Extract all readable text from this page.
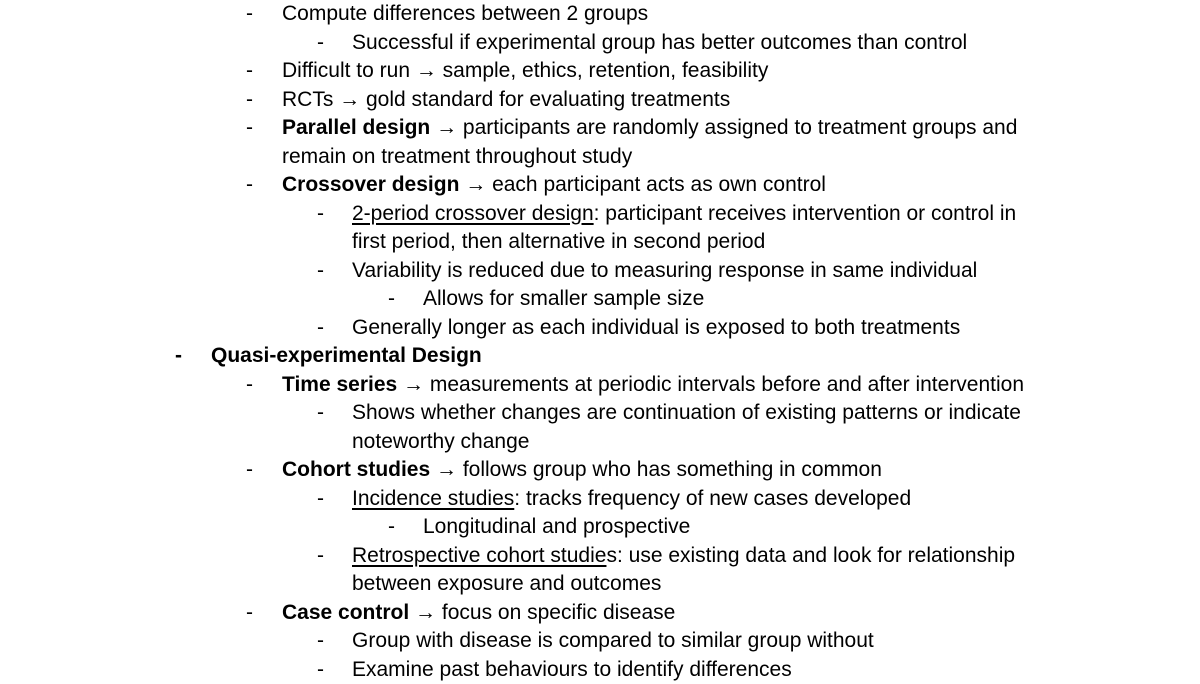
- Compute differences between 2 groups
- Successful if experimental group has better outcomes than control
- Difficult to run → sample, ethics, retention, feasibility
- RCTs → gold standard for evaluating treatments
- Parallel design → participants are randomly assigned to treatment groups and
remain on treatment throughout study
- Crossover design → each participant acts as own control
- 2-period crossover design: participant receives intervention or control in
first period, then alternative in second period
- Variability is reduced due to measuring response in same individual
- Allows for smaller sample size
- Generally longer as each individual is exposed to both treatments
- Quasi-experimental Design
- Time series → measurements at periodic intervals before and after intervention
- Shows whether changes are continuation of existing patterns or indicate
noteworthy change
- Cohort studies → follows group who has something in common
- Incidence studies: tracks frequency of new cases developed
- Longitudinal and prospective
- Retrospective cohort studies: use existing data and look for relationship
between exposure and outcomes
- Case control → focus on specific disease
- Group with disease is compared to similar group without
- Examine past behaviours to identify differences
